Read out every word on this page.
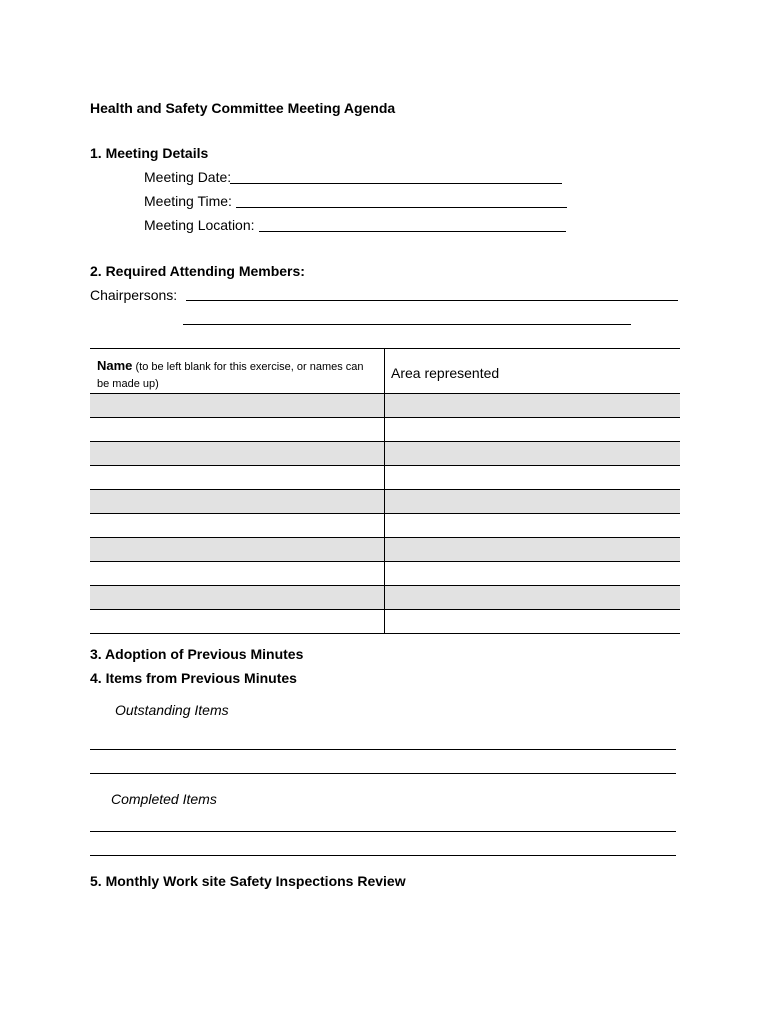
Health and Safety Committee Meeting Agenda
1. Meeting Details
Meeting Date:
Meeting Time:
Meeting Location:
2. Required Attending Members:
Chairpersons:
Name (to be left blank for this exercise, or names can be made up)	Area represented

3. Adoption of Previous Minutes
4. Items from Previous Minutes
Outstanding Items
Completed Items
5. Monthly Work site Safety Inspections Review
